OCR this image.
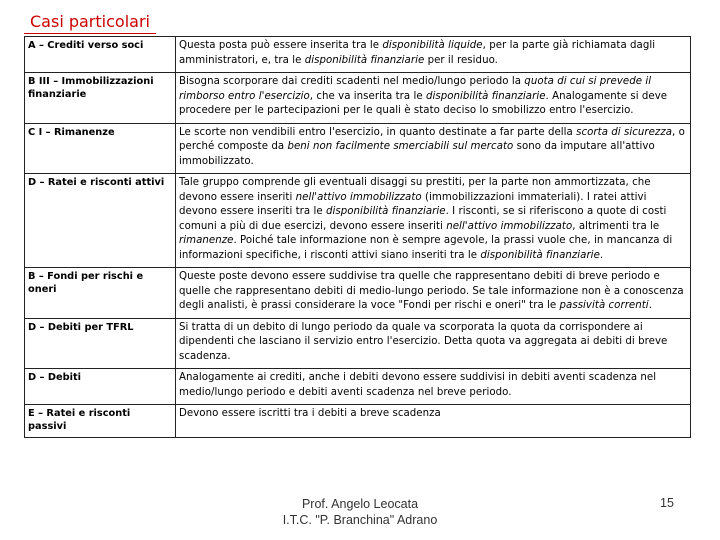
Casi particolari
A – Crediti verso soci	Questa posta può essere inserita tra le disponibilità liquide, per la parte già richiamata dagli amministratori, e, tra le disponibilità finanziarie per il residuo.
B III – Immobilizzazioni finanziarie	Bisogna scorporare dai crediti scadenti nel medio/lungo periodo la quota di cui si prevede il rimborso entro l'esercizio, che va inserita tra le disponibilità finanziarie. Analogamente si deve procedere per le partecipazioni per le quali è stato deciso lo smobilizzo entro l'esercizio.
C I – Rimanenze	Le scorte non vendibili entro l'esercizio, in quanto destinate a far parte della scorta di sicurezza, o perché composte da beni non facilmente smerciabili sul mercato sono da imputare all'attivo immobilizzato.
D – Ratei e risconti attivi	Tale gruppo comprende gli eventuali disaggi su prestiti, per la parte non ammortizzata, che devono essere inseriti nell'attivo immobilizzato (immobilizzazioni immateriali). I ratei attivi devono essere inseriti tra le disponibilità finanziarie. I risconti, se si riferiscono a quote di costi comuni a più di due esercizi, devono essere inseriti nell'attivo immobilizzato, altrimenti tra le rimanenze. Poiché tale informazione non è sempre agevole, la prassi vuole che, in mancanza di informazioni specifiche, i risconti attivi siano inseriti tra le disponibilità finanziarie.
B – Fondi per rischi e oneri	Queste poste devono essere suddivise tra quelle che rappresentano debiti di breve periodo e quelle che rappresentano debiti di medio-lungo periodo. Se tale informazione non è a conoscenza degli analisti, è prassi considerare la voce "Fondi per rischi e oneri" tra le passività correnti.
D – Debiti per TFRL	Si tratta di un debito di lungo periodo da quale va scorporata la quota da corrispondere ai dipendenti che lasciano il servizio entro l'esercizio. Detta quota va aggregata ai debiti di breve scadenza.
D – Debiti	Analogamente ai crediti, anche i debiti devono essere suddivisi in debiti aventi scadenza nel medio/lungo periodo e debiti aventi scadenza nel breve periodo.
E – Ratei e risconti passivi	Devono essere iscritti tra i debiti a breve scadenza
Prof. Angelo Leocata
I.T.C. "P. Branchina" Adrano
15
